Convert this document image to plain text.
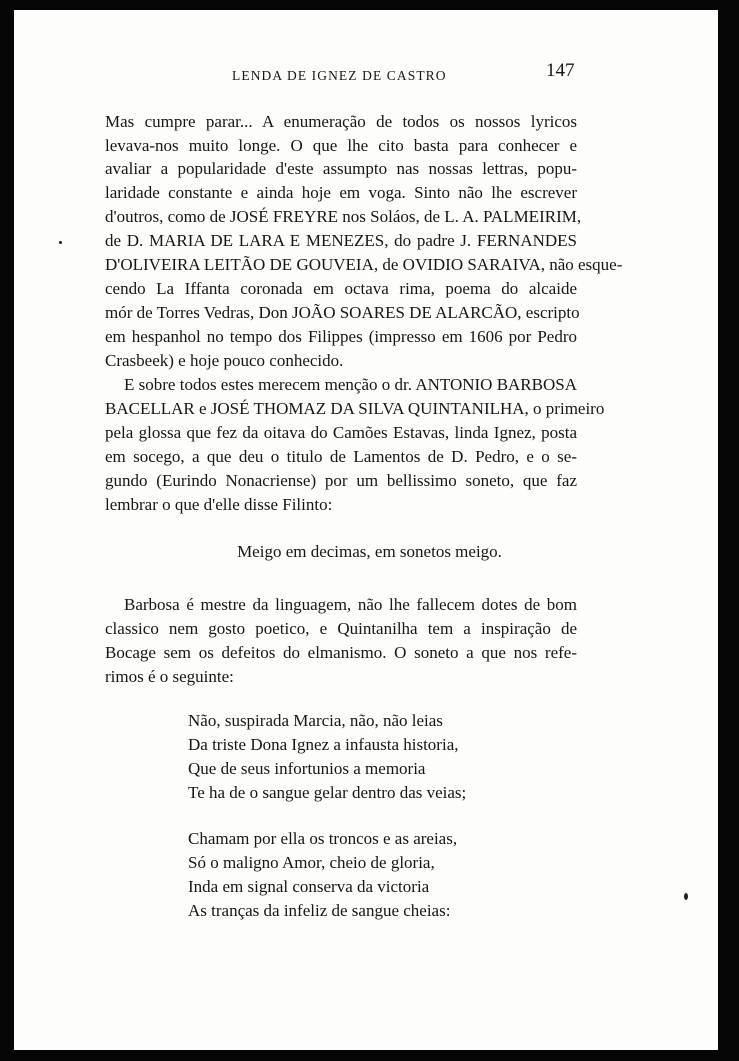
LENDA DE IGNEZ DE CASTRO	147
Mas cumpre parar... A enumeração de todos os nossos lyricos
levava-nos muito longe. O que lhe cito basta para conhecer e
avaliar a popularidade d'este assumpto nas nossas lettras, popu-
laridade constante e ainda hoje em voga. Sinto não lhe escrever
d'outros, como de JOSÉ FREYRE nos Soláos, de L. A. PALMEIRIM,
de D. MARIA DE LARA E MENEZES, do padre J. FERNANDES
D'OLIVEIRA LEITÃO DE GOUVEIA, de OVIDIO SARAIVA, não esque-
cendo La Iffanta coronada em octava rima, poema do alcaide
mór de Torres Vedras, Don JOÃO SOARES DE ALARCÃO, escripto
em hespanhol no tempo dos Filippes (impresso em 1606 por Pedro
Crasbeek) e hoje pouco conhecido.
E sobre todos estes merecem menção o dr. ANTONIO BARBOSA
BACELLAR e JOSÉ THOMAZ DA SILVA QUINTANILHA, o primeiro
pela glossa que fez da oitava do Camões Estavas, linda Ignez, posta
em socego, a que deu o titulo de Lamentos de D. Pedro, e o se-
gundo (Eurindo Nonacriense) por um bellissimo soneto, que faz
lembrar o que d'elle disse Filinto:
Meigo em decimas, em sonetos meigo.
Barbosa é mestre da linguagem, não lhe fallecem dotes de bom
classico nem gosto poetico, e Quintanilha tem a inspiração de
Bocage sem os defeitos do elmanismo. O soneto a que nos refe-
rimos é o seguinte:
Não, suspirada Marcia, não, não leias
Da triste Dona Ignez a infausta historia,
Que de seus infortunios a memoria
Te ha de o sangue gelar dentro das veias;
Chamam por ella os troncos e as areias,
Só o maligno Amor, cheio de gloria,
Inda em signal conserva da victoria
As tranças da infeliz de sangue cheias:
